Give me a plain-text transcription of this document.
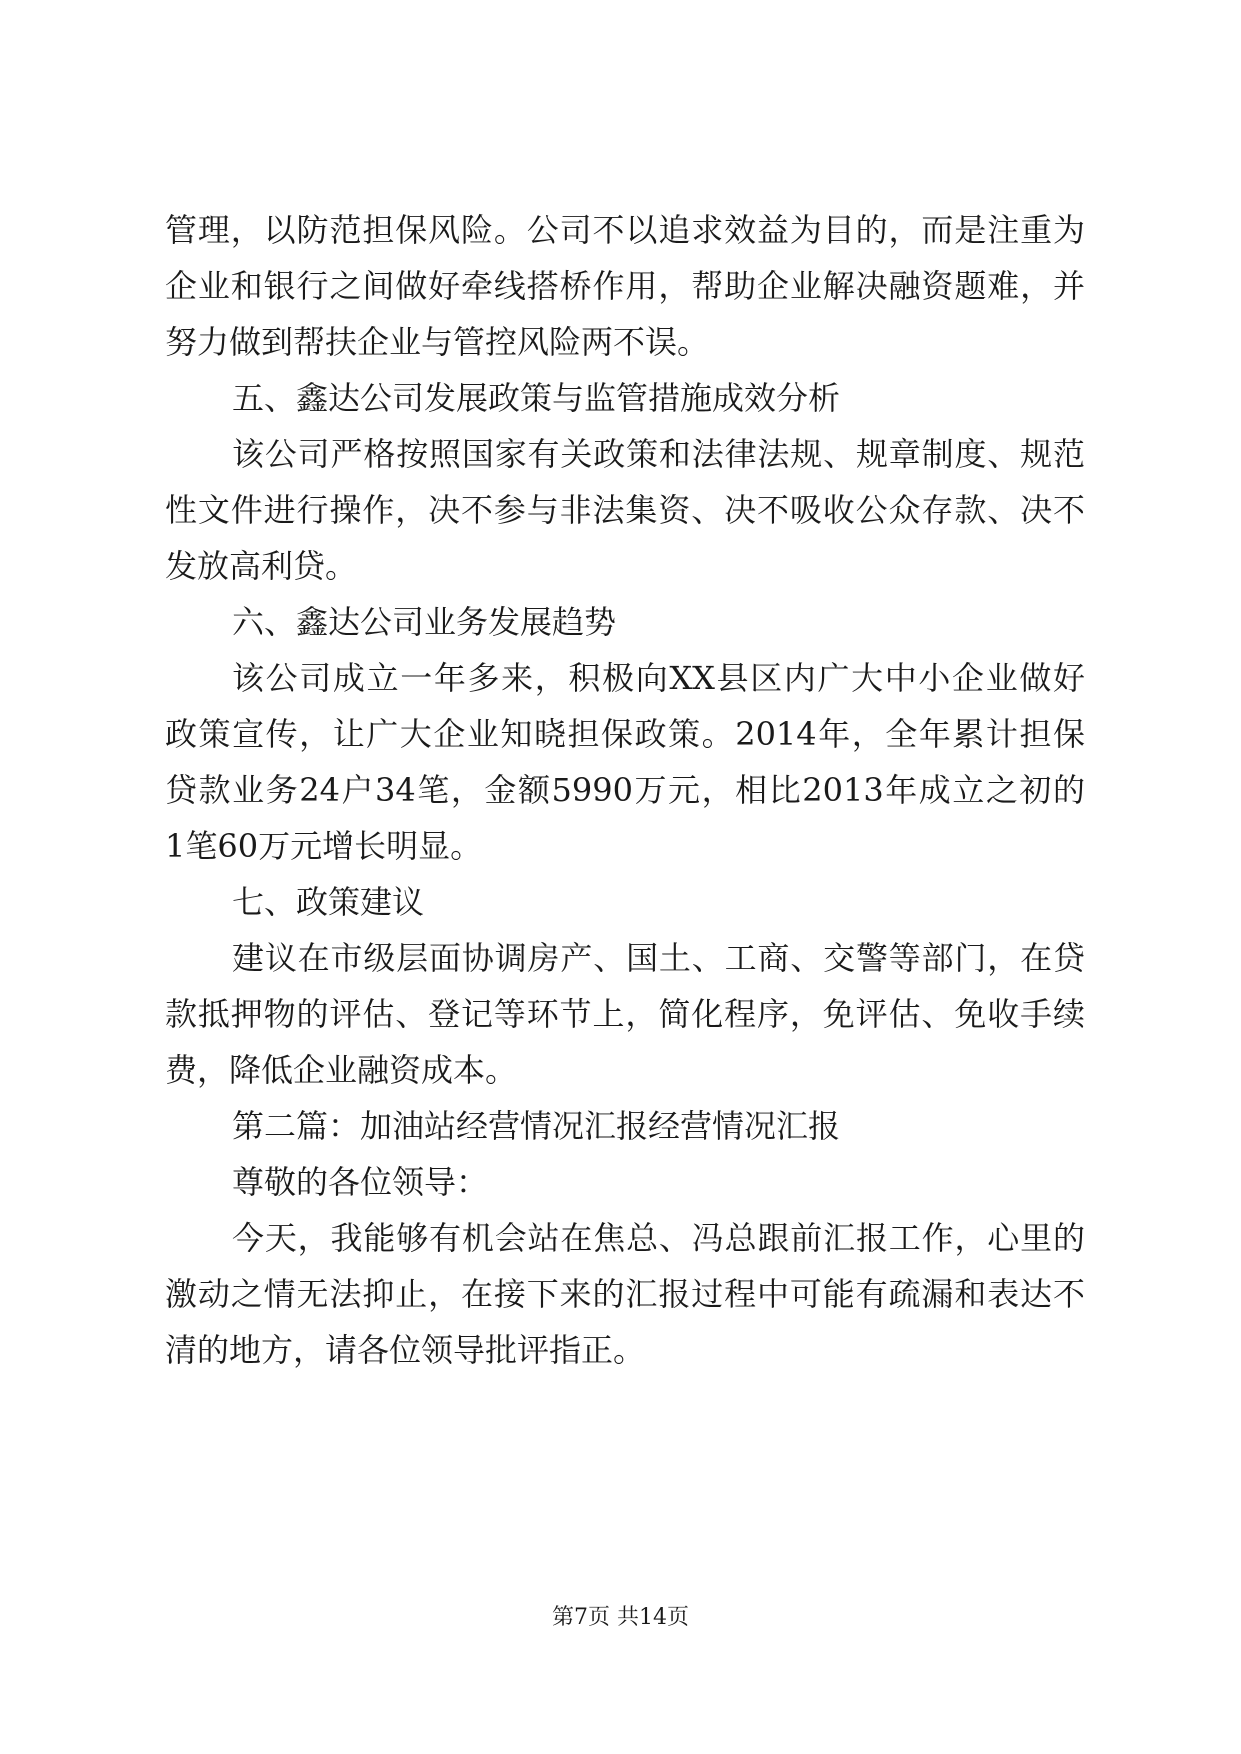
管理，以防范担保风险。公司不以追求效益为目的，而是注重为
企业和银行之间做好牵线搭桥作用，帮助企业解决融资题难，并
努力做到帮扶企业与管控风险两不误。
五、鑫达公司发展政策与监管措施成效分析
该公司严格按照国家有关政策和法律法规、规章制度、规范
性文件进行操作，决不参与非法集资、决不吸收公众存款、决不
发放高利贷。
六、鑫达公司业务发展趋势
该公司成立一年多来，积极向XX县区内广大中小企业做好
政策宣传，让广大企业知晓担保政策。2014年，全年累计担保
贷款业务24户34笔，金额5990万元，相比2013年成立之初的
1笔60万元增长明显。
七、政策建议
建议在市级层面协调房产、国土、工商、交警等部门，在贷
款抵押物的评估、登记等环节上，简化程序，免评估、免收手续
费，降低企业融资成本。
第二篇：加油站经营情况汇报经营情况汇报
尊敬的各位领导：
今天，我能够有机会站在焦总、冯总跟前汇报工作，心里的
激动之情无法抑止，在接下来的汇报过程中可能有疏漏和表达不
清的地方，请各位领导批评指正。
第7页 共14页
